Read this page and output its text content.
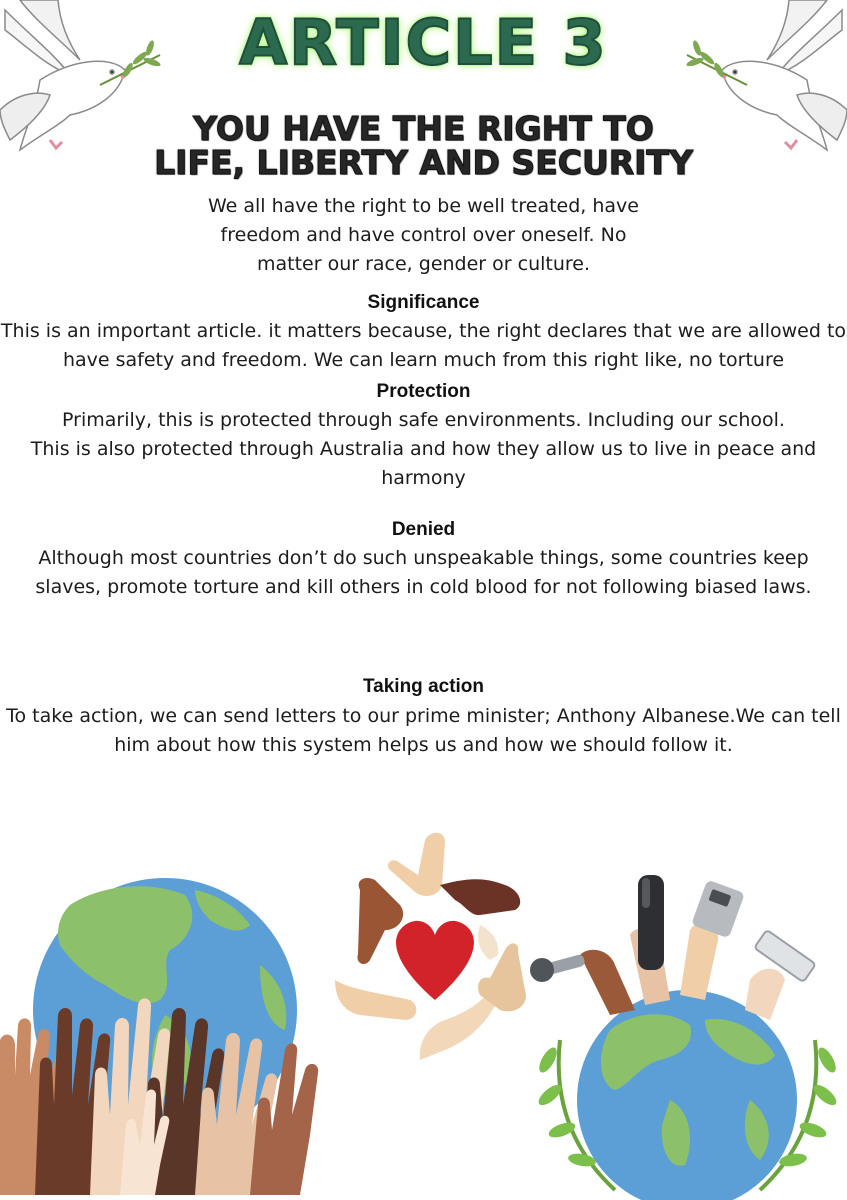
ARTICLE 3
YOU HAVE THE RIGHT TO
LIFE, LIBERTY AND SECURITY
We all have the right to be well treated, have
freedom and have control over oneself. No
matter our race, gender or culture.
Significance
This is an important article. it matters because, the right declares that we are allowed to
have safety and freedom. We can learn much from this right like, no torture
Protection
Primarily, this is protected through safe environments. Including our school.
This is also protected through Australia and how they allow us to live in peace and
harmony
Denied
Although most countries don’t do such unspeakable things, some countries keep
slaves, promote torture and kill others in cold blood for not following biased laws.
Taking action
To take action, we can send letters to our prime minister; Anthony Albanese.We can tell
him about how this system helps us and how we should follow it.
